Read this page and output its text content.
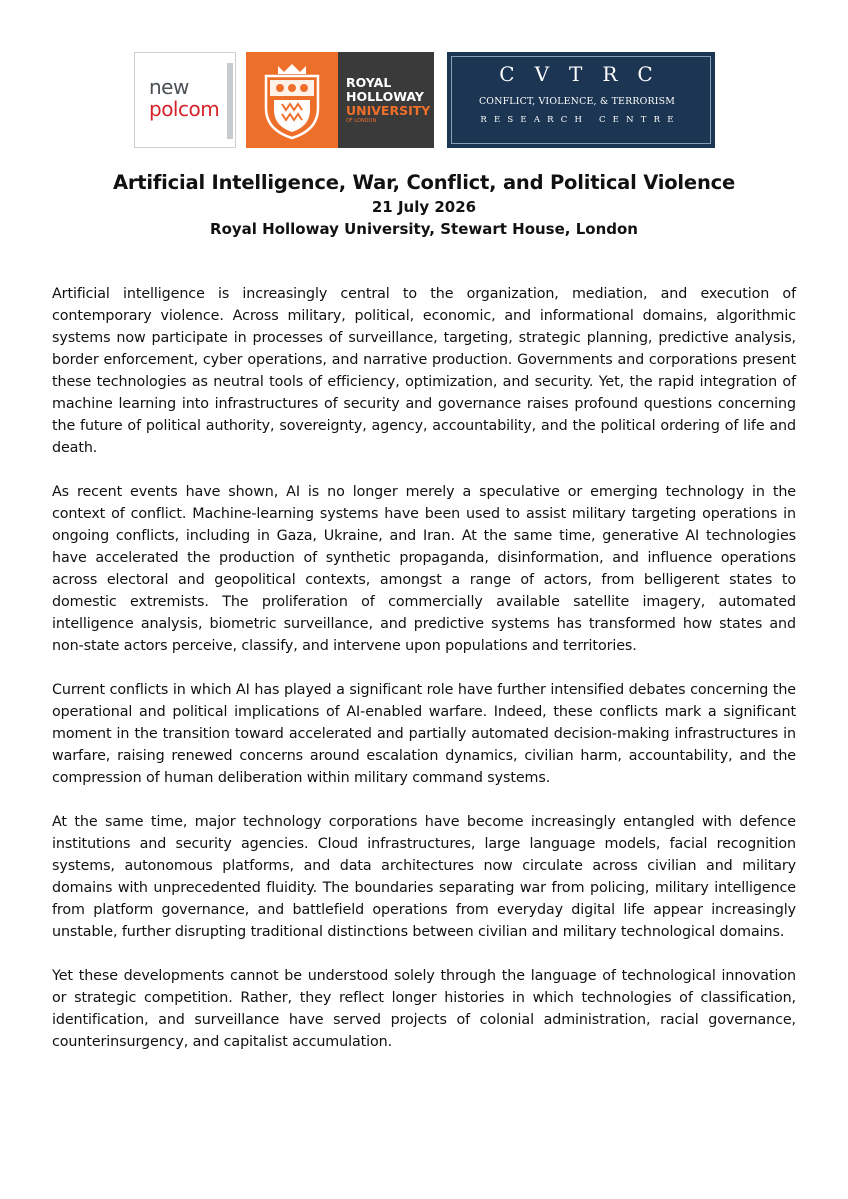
new
polcom
ROYAL
HOLLOWAY
UNIVERSITY
OF LONDON
CVTRC
CONFLICT, VIOLENCE, & TERRORISM
RESEARCH CENTRE
Artificial Intelligence, War, Conflict, and Political Violence
21 July 2026
Royal Holloway University, Stewart House, London

Artificial intelligence is increasingly central to the organization, mediation, and execution of contemporary violence. Across military, political, economic, and informational domains, algorithmic systems now participate in processes of surveillance, targeting, strategic planning, predictive analysis, border enforcement, cyber operations, and narrative production. Governments and corporations present these technologies as neutral tools of efficiency, optimization, and security. Yet, the rapid integration of machine learning into infrastructures of security and governance raises profound questions concerning the future of political authority, sovereignty, agency, accountability, and the political ordering of life and death.

As recent events have shown, AI is no longer merely a speculative or emerging technology in the context of conflict. Machine-learning systems have been used to assist military targeting operations in ongoing conflicts, including in Gaza, Ukraine, and Iran. At the same time, generative AI technologies have accelerated the production of synthetic propaganda, disinformation, and influence operations across electoral and geopolitical contexts, amongst a range of actors, from belligerent states to domestic extremists. The proliferation of commercially available satellite imagery, automated intelligence analysis, biometric surveillance, and predictive systems has transformed how states and non-state actors perceive, classify, and intervene upon populations and territories.

Current conflicts in which AI has played a significant role have further intensified debates concerning the operational and political implications of AI-enabled warfare. Indeed, these conflicts mark a significant moment in the transition toward accelerated and partially automated decision-making infrastructures in warfare, raising renewed concerns around escalation dynamics, civilian harm, accountability, and the compression of human deliberation within military command systems.

At the same time, major technology corporations have become increasingly entangled with defence institutions and security agencies. Cloud infrastructures, large language models, facial recognition systems, autonomous platforms, and data architectures now circulate across civilian and military domains with unprecedented fluidity. The boundaries separating war from policing, military intelligence from platform governance, and battlefield operations from everyday digital life appear increasingly unstable, further disrupting traditional distinctions between civilian and military technological domains.

Yet these developments cannot be understood solely through the language of technological innovation or strategic competition. Rather, they reflect longer histories in which technologies of classification, identification, and surveillance have served projects of colonial administration, racial governance, counterinsurgency, and capitalist accumulation.
